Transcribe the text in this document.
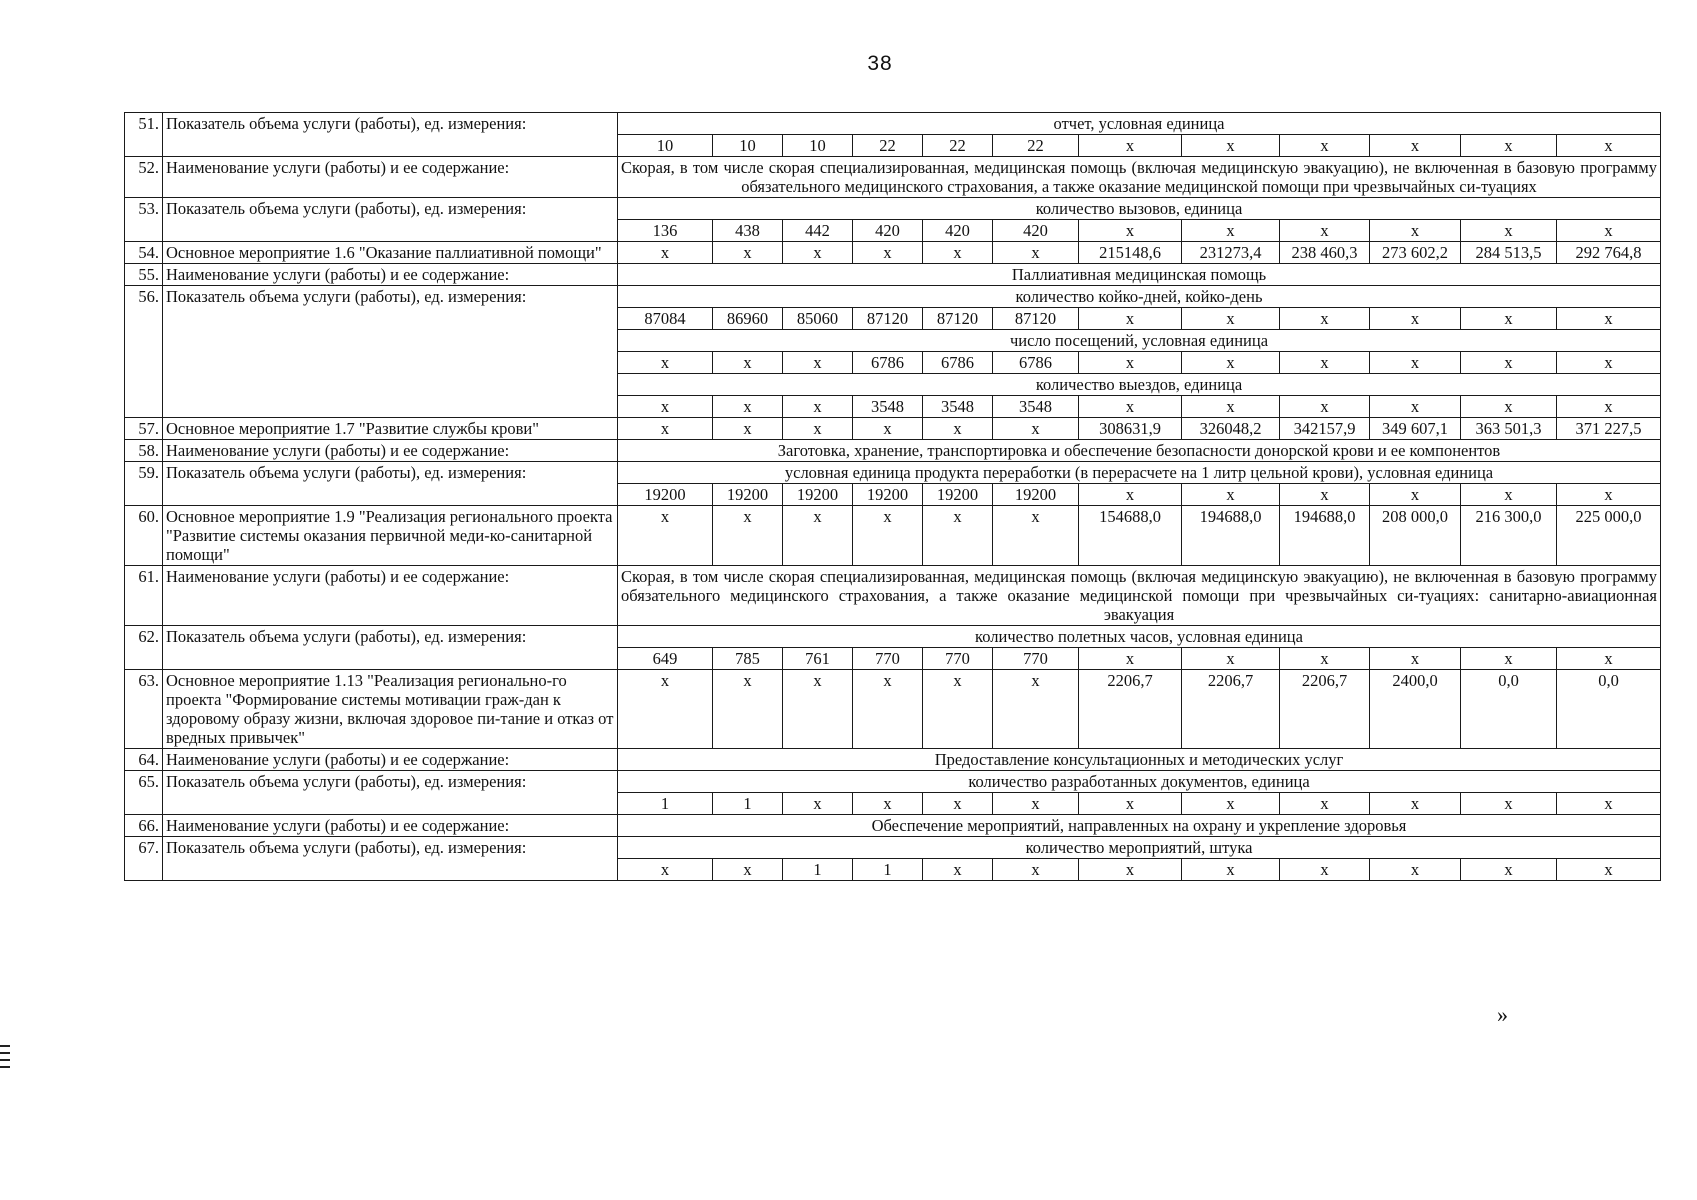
38
51.	Показатель объема услуги (работы), ед. измерения:	отчет, условная единица											
		10	10	10	22	22	22	x	x	x	x	x	x
52.	Наименование услуги (работы) и ее содержание:	Скорая, в том числе скорая специализированная, медицинская помощь (включая медицинскую эвакуацию), не включенная в базовую программу обязательного медицинского страхования, а также оказание медицинской помощи при чрезвычайных си-туациях											
53.	Показатель объема услуги (работы), ед. измерения:	количество вызовов, единица											
		136	438	442	420	420	420	x	x	x	x	x	x
54.	Основное мероприятие 1.6 "Оказание паллиативной помощи"	x	x	x	x	x	x	215148,6	231273,4	238 460,3	273 602,2	284 513,5	292 764,8
55.	Наименование услуги (работы) и ее содержание:	Паллиативная медицинская помощь											
56.	Показатель объема услуги (работы), ед. измерения:	количество койко-дней, койко-день											
		87084	86960	85060	87120	87120	87120	x	x	x	x	x	x
		число посещений, условная единица											
		x	x	x	6786	6786	6786	x	x	x	x	x	x
		количество выездов, единица											
		x	x	x	3548	3548	3548	x	x	x	x	x	x
57.	Основное мероприятие 1.7 "Развитие службы крови"	x	x	x	x	x	x	308631,9	326048,2	342157,9	349 607,1	363 501,3	371 227,5
58.	Наименование услуги (работы) и ее содержание:	Заготовка, хранение, транспортировка и обеспечение безопасности донорской крови и ее компонентов											
59.	Показатель объема услуги (работы), ед. измерения:	условная единица продукта переработки (в перерасчете на 1 литр цельной крови), условная единица											
		19200	19200	19200	19200	19200	19200	x	x	x	x	x	x
60.	Основное мероприятие 1.9 "Реализация регионального проекта "Развитие системы оказания первичной меди-ко-санитарной помощи"	x	x	x	x	x	x	154688,0	194688,0	194688,0	208 000,0	216 300,0	225 000,0
61.	Наименование услуги (работы) и ее содержание:	Скорая, в том числе скорая специализированная, медицинская помощь (включая медицинскую эвакуацию), не включенная в базовую программу обязательного медицинского страхования, а также оказание медицинской помощи при чрезвычайных си-туациях: санитарно-авиационная эвакуация											
62.	Показатель объема услуги (работы), ед. измерения:	количество полетных часов, условная единица											
		649	785	761	770	770	770	x	x	x	x	x	x
63.	Основное мероприятие 1.13 "Реализация регионально-го проекта "Формирование системы мотивации граж-дан к здоровому образу жизни, включая здоровое пи-тание и отказ от вредных привычек"	x	x	x	x	x	x	2206,7	2206,7	2206,7	2400,0	0,0	0,0
64.	Наименование услуги (работы) и ее содержание:	Предоставление консультационных и методических услуг											
65.	Показатель объема услуги (работы), ед. измерения:	количество разработанных документов, единица											
		1	1	x	x	x	x	x	x	x	x	x	x
66.	Наименование услуги (работы) и ее содержание:	Обеспечение мероприятий, направленных на охрану и укрепление здоровья											
67.	Показатель объема услуги (работы), ед. измерения:	количество мероприятий, штука											
		x	x	1	1	x	x	x	x	x	x	x	x
»
